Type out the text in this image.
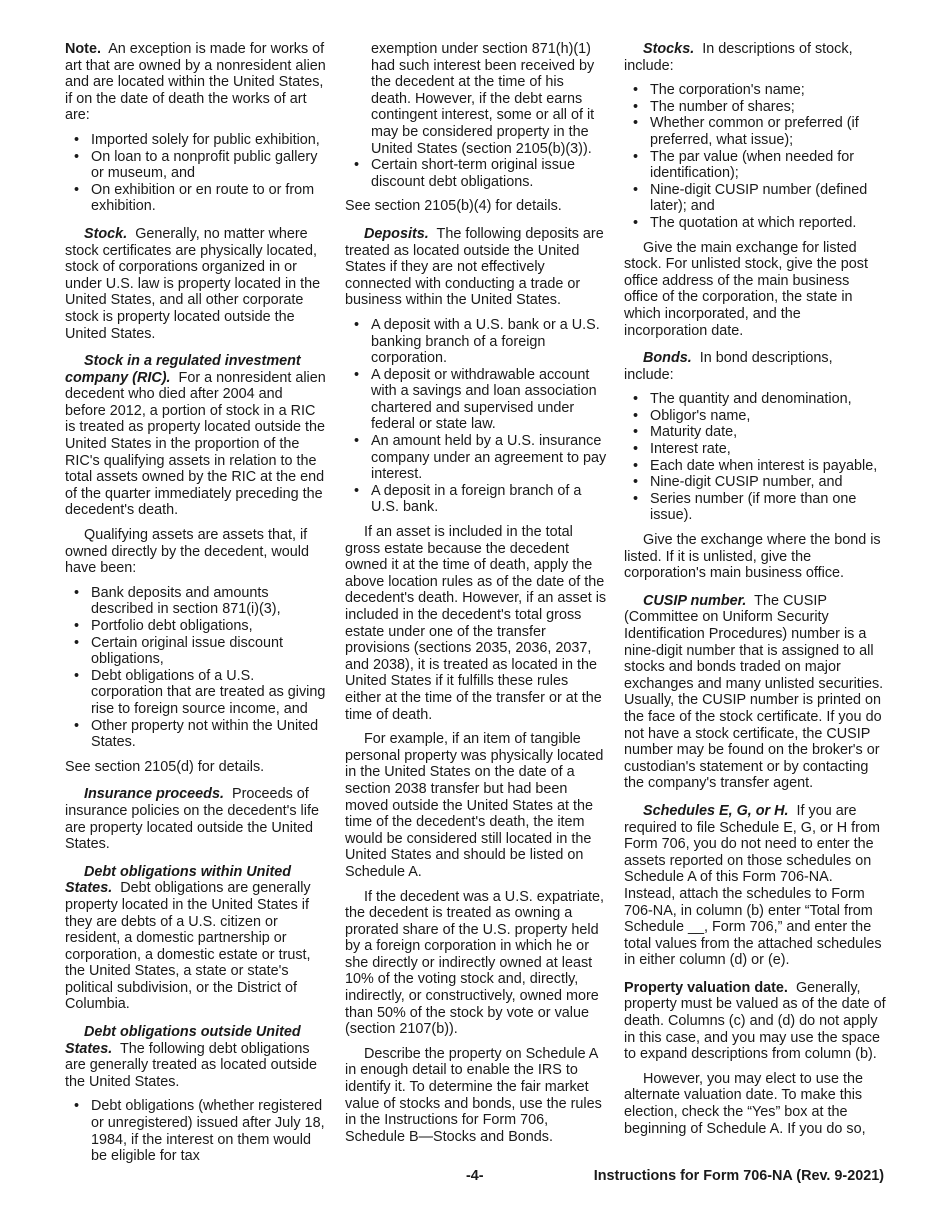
Note. An exception is made for works of art that are owned by a nonresident alien and are located within the United States, if on the date of death the works of art are:

• Imported solely for public exhibition,
• On loan to a nonprofit public gallery or museum, and
• On exhibition or en route to or from exhibition.

Stock. Generally, no matter where stock certificates are physically located, stock of corporations organized in or under U.S. law is property located in the United States, and all other corporate stock is property located outside the United States.

Stock in a regulated investment company (RIC). For a nonresident alien decedent who died after 2004 and before 2012, a portion of stock in a RIC is treated as property located outside the United States in the proportion of the RIC's qualifying assets in relation to the total assets owned by the RIC at the end of the quarter immediately preceding the decedent's death.

Qualifying assets are assets that, if owned directly by the decedent, would have been:

• Bank deposits and amounts described in section 871(i)(3),
• Portfolio debt obligations,
• Certain original issue discount obligations,
• Debt obligations of a U.S. corporation that are treated as giving rise to foreign source income, and
• Other property not within the United States.

See section 2105(d) for details.

Insurance proceeds. Proceeds of insurance policies on the decedent's life are property located outside the United States.

Debt obligations within United States. Debt obligations are generally property located in the United States if they are debts of a U.S. citizen or resident, a domestic partnership or corporation, a domestic estate or trust, the United States, a state or state's political subdivision, or the District of Columbia.

Debt obligations outside United States. The following debt obligations are generally treated as located outside the United States.

• Debt obligations (whether registered or unregistered) issued after July 18, 1984, if the interest on them would be eligible for tax
exemption under section 871(h)(1) had such interest been received by the decedent at the time of his death. However, if the debt earns contingent interest, some or all of it may be considered property in the United States (section 2105(b)(3)).
• Certain short-term original issue discount debt obligations.

See section 2105(b)(4) for details.

Deposits. The following deposits are treated as located outside the United States if they are not effectively connected with conducting a trade or business within the United States.

• A deposit with a U.S. bank or a U.S. banking branch of a foreign corporation.
• A deposit or withdrawable account with a savings and loan association chartered and supervised under federal or state law.
• An amount held by a U.S. insurance company under an agreement to pay interest.
• A deposit in a foreign branch of a U.S. bank.

If an asset is included in the total gross estate because the decedent owned it at the time of death, apply the above location rules as of the date of the decedent's death. However, if an asset is included in the decedent's total gross estate under one of the transfer provisions (sections 2035, 2036, 2037, and 2038), it is treated as located in the United States if it fulfills these rules either at the time of the transfer or at the time of death.

For example, if an item of tangible personal property was physically located in the United States on the date of a section 2038 transfer but had been moved outside the United States at the time of the decedent's death, the item would be considered still located in the United States and should be listed on Schedule A.

If the decedent was a U.S. expatriate, the decedent is treated as owning a prorated share of the U.S. property held by a foreign corporation in which he or she directly or indirectly owned at least 10% of the voting stock and, directly, indirectly, or constructively, owned more than 50% of the stock by vote or value (section 2107(b)).

Describe the property on Schedule A in enough detail to enable the IRS to identify it. To determine the fair market value of stocks and bonds, use the rules in the Instructions for Form 706, Schedule B—Stocks and Bonds.

Stocks. In descriptions of stock, include:

• The corporation's name;
• The number of shares;
• Whether common or preferred (if preferred, what issue);
• The par value (when needed for identification);
• Nine-digit CUSIP number (defined later); and
• The quotation at which reported.

Give the main exchange for listed stock. For unlisted stock, give the post office address of the main business office of the corporation, the state in which incorporated, and the incorporation date.

Bonds. In bond descriptions, include:

• The quantity and denomination,
• Obligor's name,
• Maturity date,
• Interest rate,
• Each date when interest is payable,
• Nine-digit CUSIP number, and
• Series number (if more than one issue).

Give the exchange where the bond is listed. If it is unlisted, give the corporation's main business office.

CUSIP number. The CUSIP (Committee on Uniform Security Identification Procedures) number is a nine-digit number that is assigned to all stocks and bonds traded on major exchanges and many unlisted securities. Usually, the CUSIP number is printed on the face of the stock certificate. If you do not have a stock certificate, the CUSIP number may be found on the broker's or custodian's statement or by contacting the company's transfer agent.

Schedules E, G, or H. If you are required to file Schedule E, G, or H from Form 706, you do not need to enter the assets reported on those schedules on Schedule A of this Form 706-NA. Instead, attach the schedules to Form 706-NA, in column (b) enter “Total from Schedule __, Form 706,” and enter the total values from the attached schedules in either column (d) or (e).

Property valuation date. Generally, property must be valued as of the date of death. Columns (c) and (d) do not apply in this case, and you may use the space to expand descriptions from column (b).

However, you may elect to use the alternate valuation date. To make this election, check the “Yes” box at the beginning of Schedule A. If you do so,

-4-	Instructions for Form 706-NA (Rev. 9-2021)
